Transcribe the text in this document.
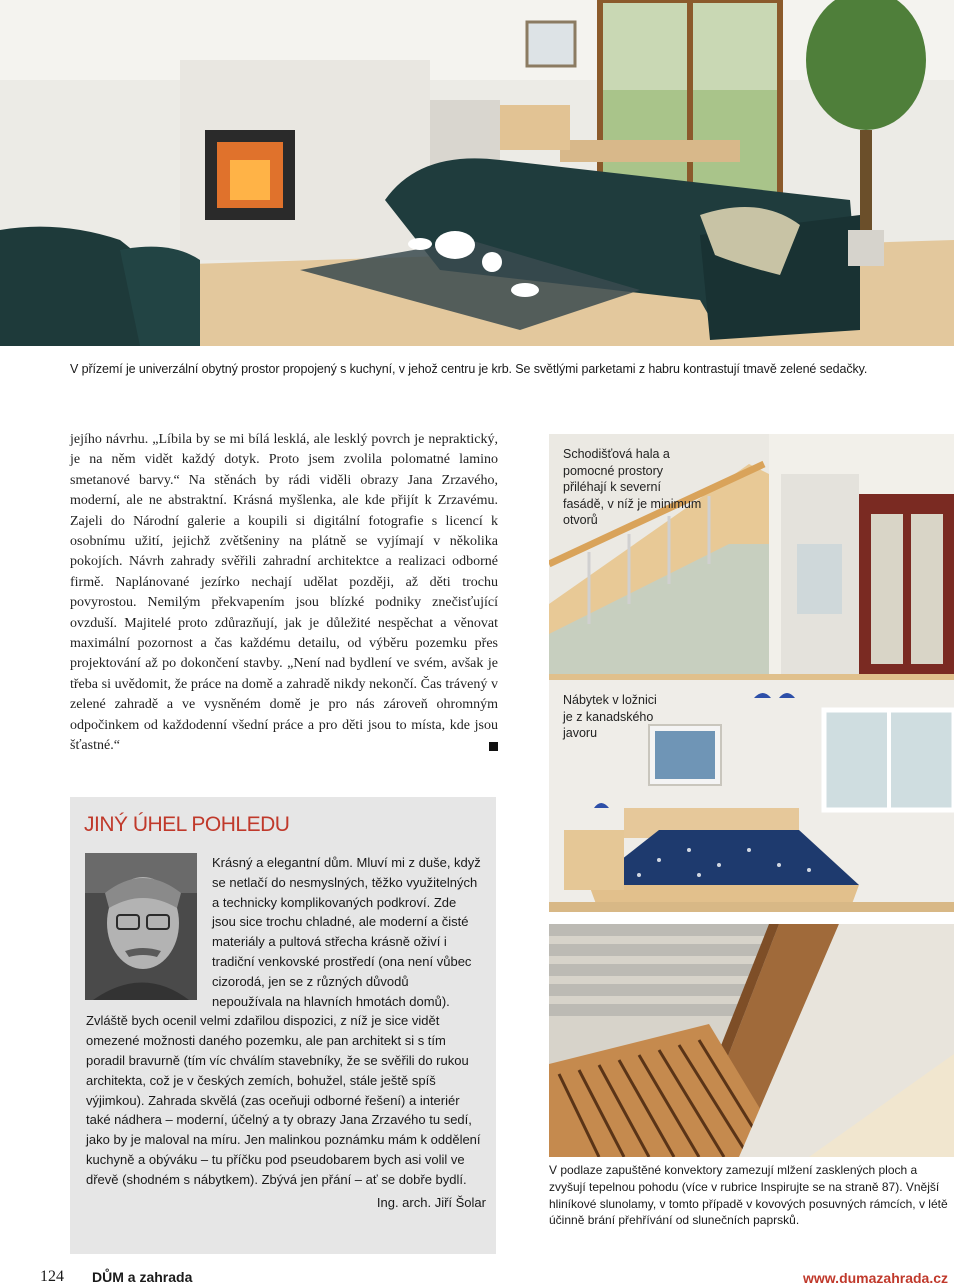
V přízemí je univerzální obytný prostor propojený s kuchyní, v jehož centru je krb. Se světlými parketami z habru kontrastují tmavě zelené sedačky.
jejího návrhu. „Líbila by se mi bílá lesklá, ale lesklý povrch je nepraktický, je na něm vidět každý dotyk. Proto jsem zvolila polomatné lamino smetanové barvy.“ Na stěnách by rádi viděli obrazy Jana Zrzavého, moderní, ale ne abstraktní. Krásná myšlenka, ale kde přijít k Zrzavému. Zajeli do Národní galerie a koupili si digitální fotografie s licencí k osobnímu užití, jejichž zvětšeniny na plátně se vyjímají v několika pokojích. Návrh zahrady svěřili zahradní architektce a realizaci odborné firmě. Naplánované jezírko nechají udělat později, až děti trochu povyrostou. Nemilým překvapením jsou blízké podniky znečisťující ovzduší. Majitelé proto zdůrazňují, jak je důležité nespěchat a věnovat maximální pozornost a čas každému detailu, od výběru pozemku přes projektování až po dokončení stavby. „Není nad bydlení ve svém, avšak je třeba si uvědomit, že práce na domě a zahradě nikdy nekončí. Čas trávený v zelené zahradě a ve vysněném domě je pro nás zároveň ohromným odpočinkem od každodenní všední práce a pro děti jsou to místa, kde jsou šťastné.“
Schodišťová hala a pomocné prostory přiléhají k severní fasádě, v níž je minimum otvorů
Nábytek v ložnici je z kanadského javoru
JINÝ ÚHEL POHLEDU
Krásný a elegantní dům. Mluví mi z duše, když se netlačí do nesmyslných, těžko využitelných a technicky komplikovaných podkroví. Zde jsou sice trochu chladné, ale moderní a čisté materiály a pultová střecha krásně oživí i tradiční venkovské prostředí (ona není vůbec cizorodá, jen se z různých důvodů nepoužívala na hlavních hmotách domů). Zvláště bych ocenil velmi zdařilou dispozici, z níž je sice vidět omezené možnosti daného pozemku, ale pan architekt si s tím poradil bravurně (tím víc chválím stavebníky, že se svěřili do rukou architekta, což je v českých zemích, bohužel, stále ještě spíš výjimkou). Zahrada skvělá (zas oceňuji odborné řešení) a interiér také nádhera – moderní, účelný a ty obrazy Jana Zrzavého tu sedí, jako by je maloval na míru. Jen malinkou poznámku mám k oddělení kuchyně a obýváku – tu příčku pod pseudobarem bych asi volil ve dřevě (shodném s nábytkem). Zbývá jen přání – ať se dobře bydlí.
Ing. arch. Jiří Šolar
V podlaze zapuštěné konvektory zamezují mlžení zasklených ploch a zvyšují tepelnou pohodu (více v rubrice Inspirujte se na straně 87). Vnější hliníkové slunolamy, v tomto případě v kovových posuvných rámcích, v létě účinně brání přehřívání od slunečních paprsků.
124 DŮM a zahrada	www.dumazahrada.cz
